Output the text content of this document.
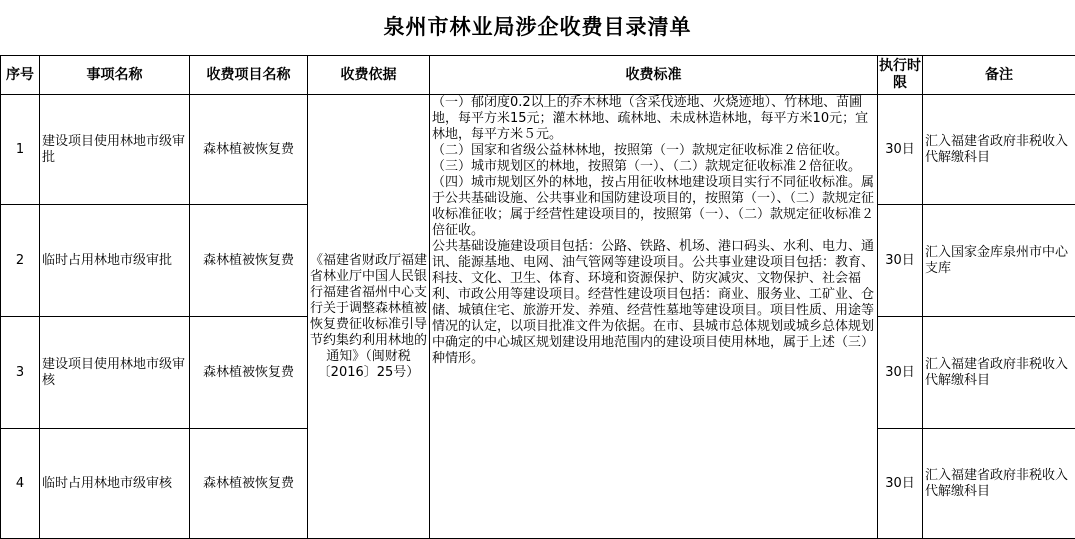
泉州市林业局涉企收费目录清单
序号	事项名称	收费项目名称	收费依据	收费标准	执行时限	备注
1	建设项目使用林地市级审批	森林植被恢复费	《福建省财政厅福建省林业厅中国人民银行福建省福州中心支行关于调整森林植被恢复费征收标准引导节约集约利用林地的通知》（闽财税〔2016〕25号）	（一）郁闭度0.2以上的乔木林地（含采伐迹地、火烧迹地）、竹林地、苗圃地，每平方米15元；灌木林地、疏林地、未成林造林地，每平方米10元；宜林地，每平方米５元。

（二）国家和省级公益林林地，按照第（一）款规定征收标准２倍征收。

（三）城市规划区的林地，按照第（一）、（二）款规定征收标准２倍征收。

（四）城市规划区外的林地，按占用征收林地建设项目实行不同征收标准。属于公共基础设施、公共事业和国防建设项目的，按照第（一）、（二）款规定征收标准征收；属于经营性建设项目的，按照第（一）、（二）款规定征收标准２倍征收。

公共基础设施建设项目包括：公路、铁路、机场、港口码头、水利、电力、通讯、能源基地、电网、油气管网等建设项目。公共事业建设项目包括：教育、科技、文化、卫生、体育、环境和资源保护、防灾减灾、文物保护、社会福利、市政公用等建设项目。经营性建设项目包括：商业、服务业、工矿业、仓储、城镇住宅、旅游开发、养殖、经营性墓地等建设项目。项目性质、用途等情况的认定，以项目批准文件为依据。在市、县城市总体规划或城乡总体规划中确定的中心城区规划建设用地范围内的建设项目使用林地，属于上述（三）种情形。	30日	汇入福建省政府非税收入代解缴科目
2	临时占用林地市级审批	森林植被恢复费			30日	汇入国家金库泉州市中心支库
3	建设项目使用林地市级审核	森林植被恢复费			30日	汇入福建省政府非税收入代解缴科目
4	临时占用林地市级审核	森林植被恢复费			30日	汇入福建省政府非税收入代解缴科目
